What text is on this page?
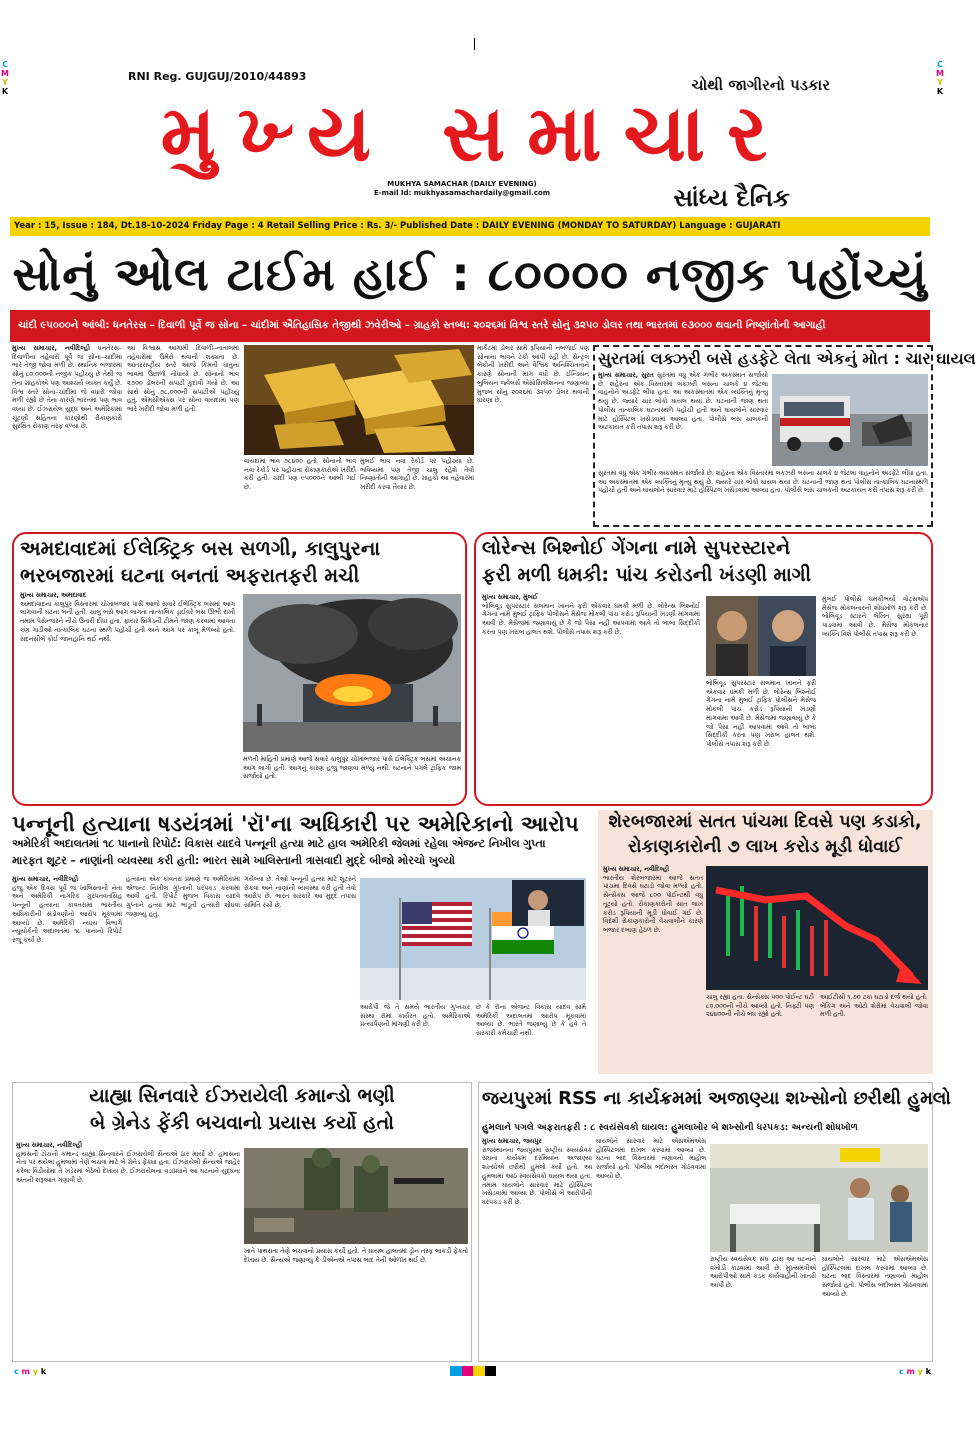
C
M
Y
K
C
M
Y
K
RNI Reg. GUJGUJ/2010/44893	ચોથી જાગીરનો પડકાર
મુખ્ય સમાચાર
MUKHYA SAMACHAR (DAILY EVENING)
E-mail Id: mukhyasamachardaily@gmail.com	સાંધ્ય દૈનિક
Year : 15, Issue : 184, Dt.18-10-2024 Friday Page : 4 Retail Selling Price : Rs. 3/- Published Date : DAILY EVENING (MONDAY TO SATURDAY) Language : GUJARATI
સોનું ઓલ ટાઈમ હાઈ : ૮૦૦૦૦ નજીક પહોંચ્યું
ચાંદી ૯૫૦૦૦ને આંબી: ધનતેરસ – દિવાળી પૂર્વે જ સોના – ચાંદીમાં ઐતિહાસિક તેજીથી ઝવેરીઓ – ગ્રાહકો સ્તબ્ધ: ૨૦૨૬માં વિશ્વ સ્તરે સોનું ૩૨૫૦ ડોલર તથા ભારતમાં ૯૩૦૦૦ થવાની નિષ્ણાંતોની આગાહી
મુખ્ય સમાચાર, નવીદિલ્હી ધનતેરસ–દિવાળીના તહેવારો પૂર્વે જ સોના–ચાંદીમાં ભારે તેજી જોવા મળી છે. સ્થાનિક બજારમાં સોનું ૮૦,૦૦૦ની નજીક પહોંચ્યું છે તેથી જ તેના ગ્રાહકોએ પણ આશ્ચર્ય વ્યક્ત કર્યું છે. વિશ્વ સ્તરે સોના–ચાંદીમાં જે વધારો જોવા મળી રહ્યો છે તેના કારણે ભારતમાં પણ ભાવ વધ્યા છે. ઈઝરાયેલ યુદ્ધ અને અમેરિકામાં ચૂંટણી સહિતના કારણોથી રોકાણકારો સુરક્ષિત રોકાણ તરફ વળ્યા છે.
આ વિશ્વાસ આગામી દિવાળી–નાતાલમાં તહેવારોમાં ઉમેરો થવાની શક્યતા છે. આંતરરાષ્ટ્રીય સ્તરે આજે કિંમતી ધાતુના ભાવમાં ઉછાળો નોંધાયો છે. સોનાનો ભાવ ૨૭૦૦ ડોલરની સપાટી કુદાવી ગયો છે. આ સાથે સોનું ૭૮,૦૦૦ની સપાટીએ પહોંચ્યું હતું. એમસીએક્સ પર સોના વાયદામાં પણ ભારે ખરીદી જોવા મળી હતી.
વાયદામાં ભાવ ૭૮૪૦૦ હતો. સોનાનો ભાવ નવા રેકોર્ડ પર પહોંચતા રોકાણકારોએ ખરીદી કરી હતી. ચાંદી પણ ૯૫૦૦૦ને આંબી ગઈ છે.
મુંબઈ ભાવ નવા રેકોર્ડ પર પહોંચ્યા છે. ભવિષ્યમાં પણ તેજી ચાલુ રહેશે તેવી નિષ્ણાંતોની આગાહી છે. ગ્રાહકો આ તહેવારમાં ખરીદી કરવા તૈયાર છે.
માર્કેટમાં ડોલર સામે રૂપિયાની નબળાઈ પણ સોનાના ભાવને ટેકો આપી રહી છે. સેન્ટ્રલ બેંકોની ખરીદી અને વૈશ્વિક અનિશ્ચિતતાને કારણે સોનાની માંગ વધી છે. ઈન્ડિયન બુલિયન જ્વેલર્સ એસોસિએશનના જણાવ્યા મુજબ સોનું ૨૦૨૬માં ૩૨૫૦ ડોલર થવાની ધારણા છે.
સુરતમાં લક્ઝરી બસે હડફેટે લેતા એકનું મોત : ચાર ઘાયલ
મુખ્ય સમાચાર, સુરત સુરતમાં વધુ એક ગંભીર અકસ્માત સર્જાયો છે. શહેરના એક વિસ્તારમાં લક્ઝરી બસના ચાલકે ૪ જેટલા વાહનોને અડફેટે લીધા હતા. આ અકસ્માતમાં એક વ્યક્તિનું મૃત્યુ થયું છે. જ્યારે ચાર લોકો ઘાયલ થયા છે. ઘટનાની જાણ થતા પોલીસ તાત્કાલિક ઘટનાસ્થળે પહોંચી હતી અને ઘાયલોને સારવાર માટે હોસ્પિટલ ખસેડવામાં આવ્યા હતા. પોલીસે બસ ચાલકની અટકાયત કરી તપાસ શરૂ કરી છે.
સુરતમાં વધુ એક ગંભીર અકસ્માત સર્જાયો છે. શહેરના એક વિસ્તારમાં લક્ઝરી બસના ચાલકે ૪ જેટલા વાહનોને અડફેટે લીધા હતા. આ અકસ્માતમાં એક વ્યક્તિનું મૃત્યુ થયું છે. જ્યારે ચાર લોકો ઘાયલ થયા છે. ઘટનાની જાણ થતા પોલીસ તાત્કાલિક ઘટનાસ્થળે પહોંચી હતી અને ઘાયલોને સારવાર માટે હોસ્પિટલ ખસેડવામાં આવ્યા હતા. પોલીસે બસ ચાલકની અટકાયત કરી તપાસ શરૂ કરી છે.
અમદાવાદમાં ઈલેક્ટ્રિક બસ સળગી, કાલુપુરના
ભરબજારમાં ઘટના બનતાં અફરાતફરી મચી
મુખ્ય સમાચાર, અમદાવાદ
અમદાવાદના કાલુપુર વિસ્તારમાં ચોખાબજાર પાસે આજે સવારે ઈલેક્ટ્રિક બસમાં આગ લાગવાની ઘટના બની હતી. ચાલુ બસે આગ લાગતા તાત્કાલિક ડ્રાઈવરે બસ ઊભી રાખી તમામ પેસેન્જરને નીચે ઉતારી દીધા હતા. ફાયર બ્રિગેડની ટીમને જાણ કરવામાં આવતા ત્રણ ગાડીઓ તાત્કાલિક ઘટના સ્થળે પહોંચી હતી અને આગ પર કાબૂ મેળવ્યો હતો. સદનસીબે કોઈ જાનહાનિ થઈ નથી.
મળતી માહિતી પ્રમાણે આજે સવારે કાલુપુર ચોખાબજાર પાસે ઈલેક્ટ્રિક બસમાં અચાનક આગ લાગી હતી. આગનું કારણ હજુ જાણવા મળ્યું નથી. ઘટનાને પગલે ટ્રાફિક જામ સર્જાયો હતો.
લોરેન્સ બિશ્નોઈ ગેંગના નામે સુપરસ્ટારને
ફરી મળી ધમકી: પાંચ કરોડની ખંડણી માગી
મુખ્ય સમાચાર, મુંબઈ
બોલિવૂડ સુપરસ્ટાર સલમાન ખાનને ફરી એકવાર ધમકી મળી છે. લોરેન્સ બિશ્નોઈ ગેંગના નામે મુંબઈ ટ્રાફિક પોલીસને મેસેજ મોકલી પાંચ કરોડ રૂપિયાની ખંડણી માંગવામાં આવી છે. મેસેજમાં જણાવાયું છે કે જો પૈસા નહીં આપવામાં આવે તો બાબા સિદ્દીકી કરતા પણ ખરાબ હાલત થશે. પોલીસે તપાસ શરૂ કરી છે.
બોલિવૂડ સુપરસ્ટાર સલમાન ખાનને ફરી એકવાર ધમકી મળી છે. લોરેન્સ બિશ્નોઈ ગેંગના નામે મુંબઈ ટ્રાફિક પોલીસને મેસેજ મોકલી પાંચ કરોડ રૂપિયાની ખંડણી માંગવામાં આવી છે. મેસેજમાં જણાવાયું છે કે જો પૈસા નહીં આપવામાં આવે તો બાબા સિદ્દીકી કરતા પણ ખરાબ હાલત થશે. પોલીસે તપાસ શરૂ કરી છે.
મુંબઈ પોલીસે ધમકીભર્યા વોટ્સએપ મેસેજ મોકલનારની શોધખોળ શરૂ કરી છે. બોલિવૂડ સ્ટારને લેખિત સુરક્ષા પૂરી પાડવામાં આવી છે. મેસેજ મોકલનાર વ્યક્તિ વિશે પોલીસે તપાસ શરૂ કરી છે.
પન્નૂની હત્યાના ષડયંત્રમાં 'રૉ'ના અધિકારી પર અમેરિકાનો આરોપ
અમેરિકી અદાલતમાં ૧૮ પાનાનો રિપોર્ટ: વિકાસ યાદવે પન્નૂની હત્યા માટે હાલ અમેરિકી જેલમાં રહેલા એજન્ટ નિખીલ ગુપ્તા
મારફત શૂટર – નાણાંની વ્યવસ્થા કરી હતી: ભારત સામે ખાલિસ્તાની ત્રાસવાદી મુદ્દે બીજો મોરચો ખુલ્યો
મુખ્ય સમાચાર, નવીદિલ્હી
હજુ એક દિવસ પૂર્વે જ ખાલિસ્તાની નેતા અને અમેરિકી નાગરિક ગુરપતવંતસિંહ પન્નૂની હત્યાના કાવતરામાં ભારતીય અધિકારીની સંડોવણીનો આરોપ મૂકવામાં આવ્યો છે. અમેરિકી ન્યાય વિભાગે ન્યૂયોર્કની અદાલતમાં ૧૮ પાનાનો રિપોર્ટ રજૂ કર્યો છે.
હત્યાના એક કાવતરા પ્રમાણે જ અમેરિકામાં એજન્ટ નિખીલ ગુપ્તાની ધરપકડ કરવામાં આવી હતી. રિપોર્ટ મુજબ વિકાસ યાદવે ગુપ્તાને હત્યા માટે ભાડૂતી હત્યારો શોધવા જણાવ્યું હતું.
ગયેલ્યા છે. તેઓ પન્નૂની હત્યા માટે શૂટરને રોકવા અને નાણાંની વ્યવસ્થા કરી હતી તેવો આરોપ છે. ભારત સરકારે આ મુદ્દે તપાસ સમિતિ રચી છે.
આરોપી જે તે સમયે ભારતીય ગુપ્તચર સંસ્થા રૉમાં કાર્યરત હતો. અમેરિકાએ પ્રત્યાર્પણની માંગણી કરી છે.
છે કે રૉના એજન્ટ વિકાસ યાદવ સામે અમેરિકી અદાલતમાં આરોપ મૂકવામાં આવ્યા છે. ભારતે જણાવ્યું છે કે હવે તે સરકારી કર્મચારી નથી.
શેરબજારમાં સતત પાંચમા દિવસે પણ કડાકો,
રોકાણકારોની ૭ લાખ કરોડ મૂડી ધોવાઈ
મુખ્ય સમાચાર, નવીદિલ્હી
ભારતીય શેરબજારમાં આજે સતત પાંચમા દિવસે ઘટાડો જોવા મળ્યો હતો. સેન્સેક્સ આજે ૮૦૦ પોઈન્ટથી વધુ તૂટ્યો હતો. રોકાણકારોની સાત લાખ કરોડ રૂપિયાની મૂડી ધોવાઈ ગઈ છે. વિદેશી રોકાણકારોની વેચવાલીને કારણે બજાર દબાણ હેઠળ છે.
ચાલુ રહ્યા હતા. સેન્સેક્સ ૫૦૦ પોઈન્ટ ઘટી ૮૦,૦૦૦ની નીચે આવ્યો હતો. નિફ્ટી પણ ૨૪૪૦૦ની નીચે બંધ રહ્યો હતો.
આઈટીસી ૧.૭૦ ટકા ઘટાડો દર્જ થયો હતો. બેંકિંગ અને ઓટો શેરોમાં વેચવાલી જોવા મળી હતી.
યાહ્યા સિનવારે ઈઝરાયેલી કમાન્ડો ભણી
બે ગ્રેનેડ ફેંકી બચવાનો પ્રયાસ કર્યો હતો
મુખ્ય સમાચાર, નવીદિલ્હી
હમાસની ટોચની કમાન્ડ યાહ્યા સિનવારને ઈઝરાયેલી સૈન્યએ ઠાર માર્યો છે. હમાસના નેતા પર થયેલા હુમલામાં તેણે બચવા માટે બે ગ્રેનેડ ફેંક્યા હતા. ઈઝરાયેલી સૈન્યએ જાહેર કરેલા વિડીયોમાં તે ખંડેરમાં બેઠેલો દેખાય છે. ઈઝરાયેલના વડાપ્રધાને આ ઘટનાને યુદ્ધના અંતની શરૂઆત ગણાવી છે.
ખાતે પાથરાતા તેણે બચવાનો પ્રયાસ કર્યો હતો. તે ઘાયલ હાલતમાં ડ્રોન તરફ લાકડી ફેંકતો દેખાય છે. સૈન્યએ જણાવ્યું કે ડીએનએ તપાસ બાદ તેની ઓળખ થઈ છે.
જયપુરમાં RSS ના કાર્યક્રમમાં અજાણ્યા શખ્સોનો છરીથી હુમલો
હુમલાને પગલે અફરાતફરી : ૮ સ્વયંસેવકો ઘાયલ: હુમલાખોર બે શખ્સોની ધરપકડ: અન્યની શોધખોળ
મુખ્ય સમાચાર, જયપુર
રાજસ્થાનના જયપુરમાં રાષ્ટ્રીય સ્વયંસેવક સંઘના કાર્યક્રમ દરમિયાન અજાણ્યા શખ્સોએ છરીથી હુમલો કર્યો હતો. આ હુમલામાં આઠ સ્વયંસેવકો ઘાયલ થયા હતા. તમામ ઘાયલોને સારવાર માટે હોસ્પિટલ ખસેડવામાં આવ્યા છે. પોલીસે બે આરોપીની ધરપકડ કરી છે.
ઘાયલોને સારવાર માટે એસએમએસ હોસ્પિટલમાં દાખલ કરવામાં આવ્યા છે. ઘટના બાદ વિસ્તારમાં તણાવનો માહોલ સર્જાયો હતો. પોલીસ બંદોબસ્ત ગોઠવવામાં આવ્યો છે.
રાષ્ટ્રીય સ્વયંસેવક સંઘ દ્વારા આ ઘટનાને વખોડી કાઢવામાં આવી છે. મુખ્યમંત્રીએ આરોપીઓ સામે કડક કાર્યવાહીની ખાતરી આપી છે.
ઘાયલોને સારવાર માટે એસએમએસ હોસ્પિટલમાં દાખલ કરવામાં આવ્યા છે. ઘટના બાદ વિસ્તારમાં તણાવનો માહોલ સર્જાયો હતો. પોલીસ બંદોબસ્ત ગોઠવવામાં આવ્યો છે.
c m y k	c m y k
